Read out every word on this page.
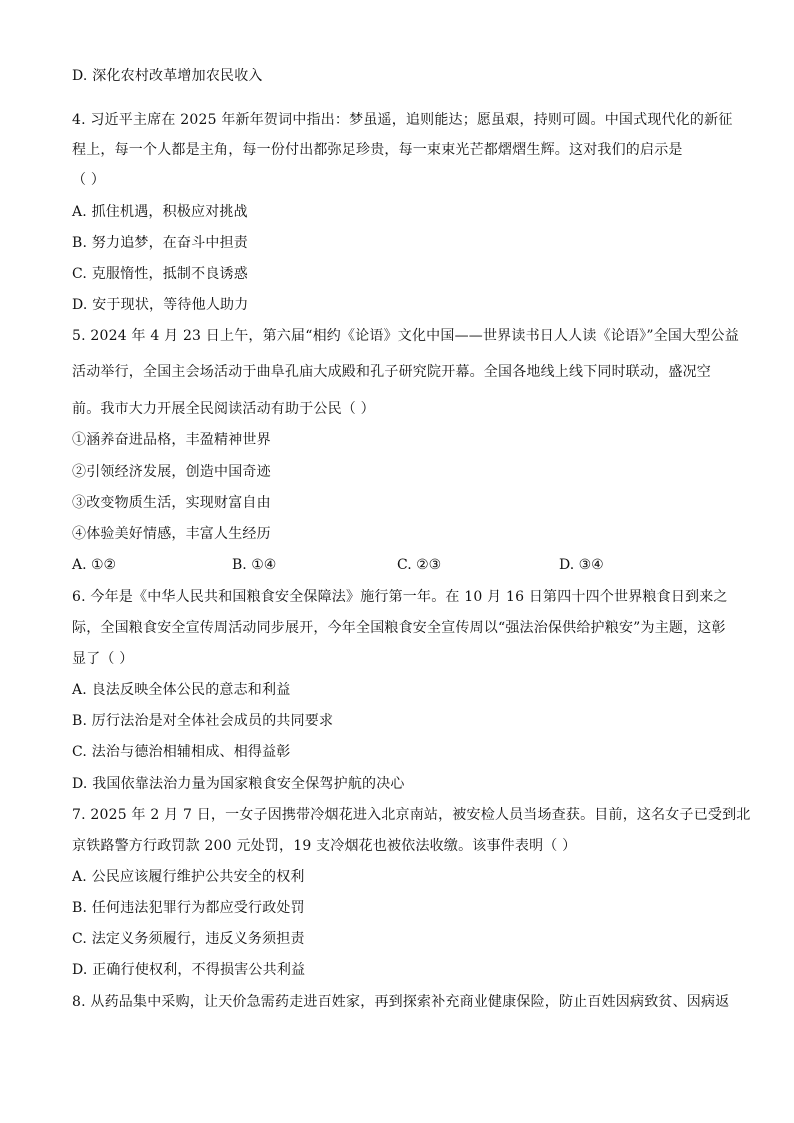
D. 深化农村改革增加农民收入
4. 习近平主席在 2025 年新年贺词中指出：梦虽遥，追则能达；愿虽艰，持则可圆。中国式现代化的新征
程上，每一个人都是主角，每一份付出都弥足珍贵，每一束束光芒都熠熠生辉。这对我们的启示是
（ ）
A. 抓住机遇，积极应对挑战
B. 努力追梦，在奋斗中担责
C. 克服惰性，抵制不良诱惑
D. 安于现状，等待他人助力
5. 2024 年 4 月 23 日上午，第六届“相约《论语》文化中国——世界读书日人人读《论语》”全国大型公益
活动举行，全国主会场活动于曲阜孔庙大成殿和孔子研究院开幕。全国各地线上线下同时联动，盛况空
前。我市大力开展全民阅读活动有助于公民（ ）
①涵养奋进品格，丰盈精神世界
②引领经济发展，创造中国奇迹
③改变物质生活，实现财富自由
④体验美好情感，丰富人生经历
A. ①②	B. ①④	C. ②③	D. ③④
6. 今年是《中华人民共和国粮食安全保障法》施行第一年。在 10 月 16 日第四十四个世界粮食日到来之
际，全国粮食安全宣传周活动同步展开，今年全国粮食安全宣传周以“强法治保供给护粮安”为主题，这彰
显了（ ）
A. 良法反映全体公民的意志和利益
B. 厉行法治是对全体社会成员的共同要求
C. 法治与德治相辅相成、相得益彰
D. 我国依靠法治力量为国家粮食安全保驾护航的决心
7. 2025 年 2 月 7 日，一女子因携带冷烟花进入北京南站，被安检人员当场查获。目前，这名女子已受到北
京铁路警方行政罚款 200 元处罚，19 支冷烟花也被依法收缴。该事件表明（ ）
A. 公民应该履行维护公共安全的权利
B. 任何违法犯罪行为都应受行政处罚
C. 法定义务须履行，违反义务须担责
D. 正确行使权利，不得损害公共利益
8. 从药品集中采购，让天价急需药走进百姓家，再到探索补充商业健康保险，防止百姓因病致贫、因病返
